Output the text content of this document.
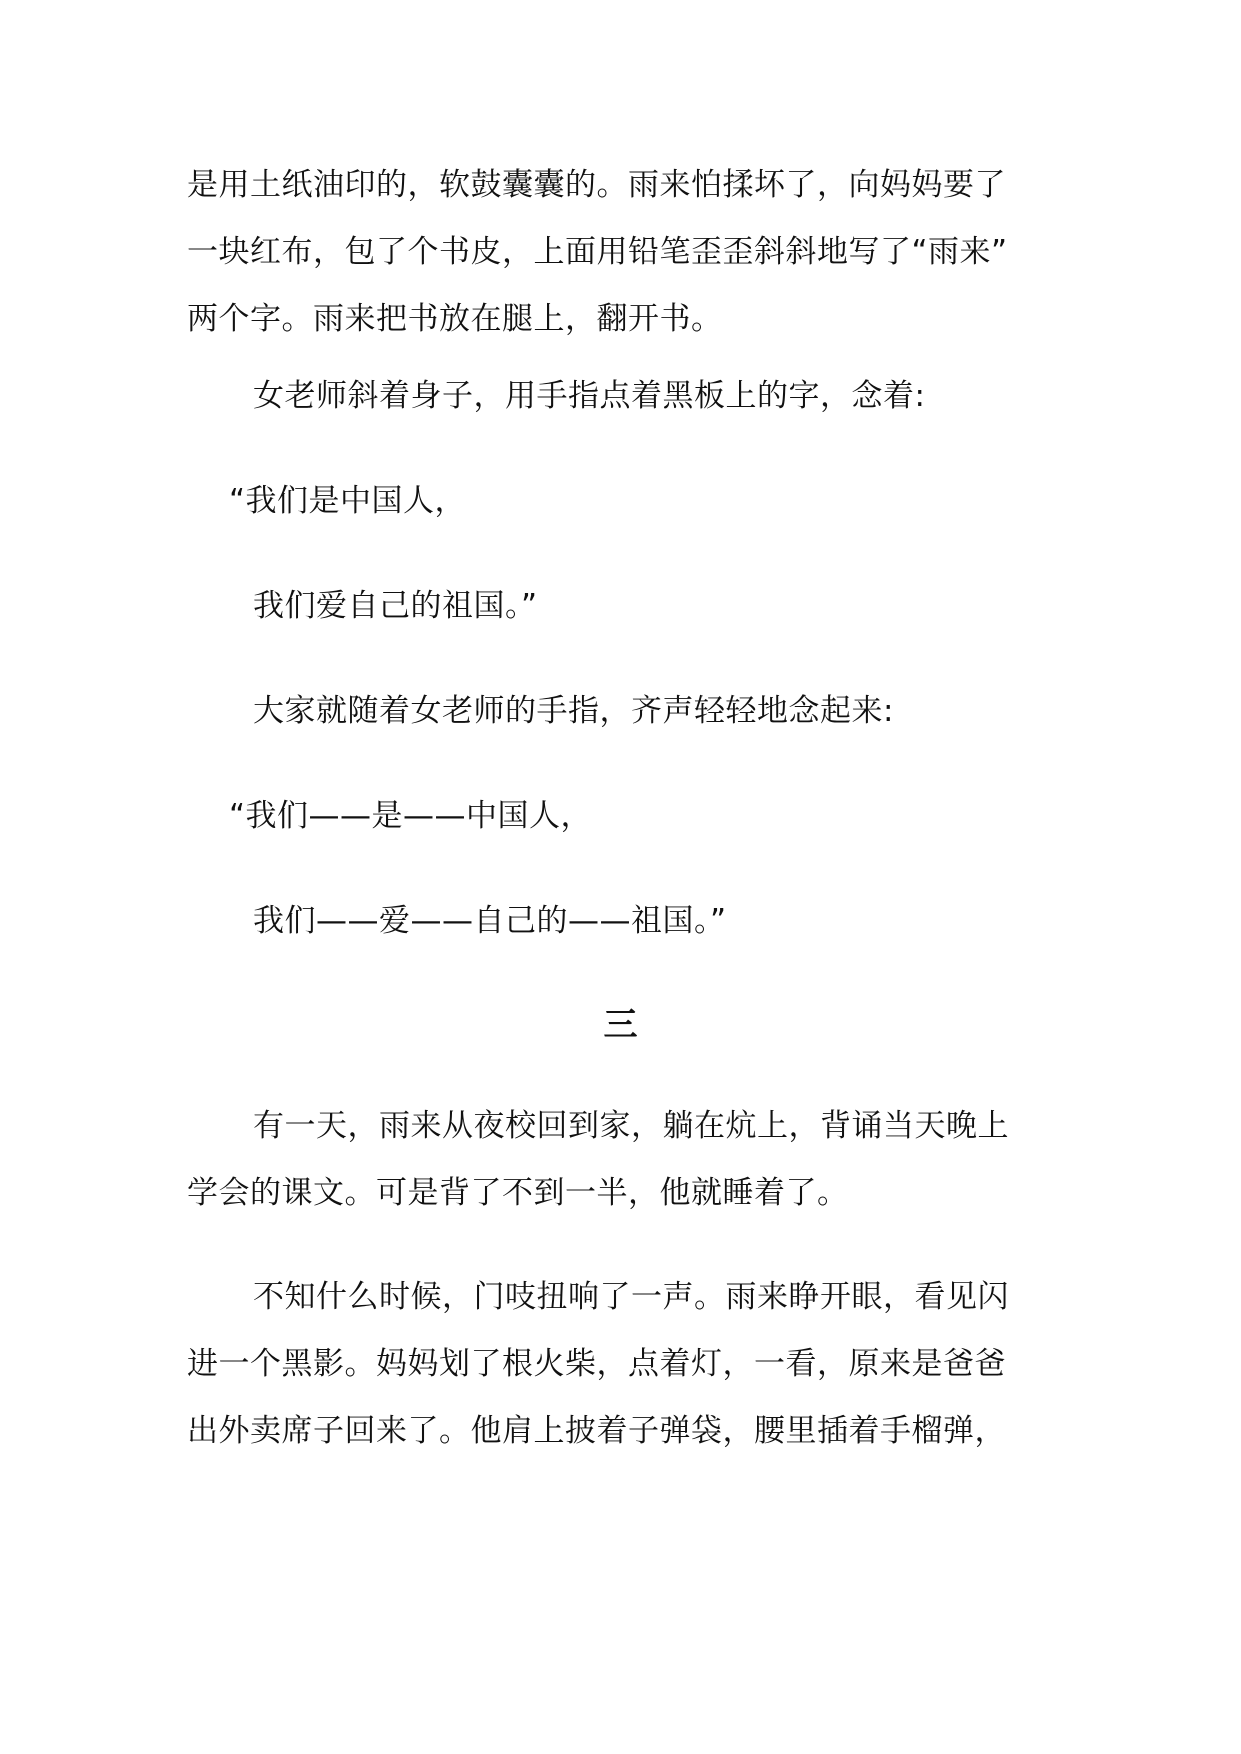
是用土纸油印的，软鼓囊囊的。雨来怕揉坏了，向妈妈要了
一块红布，包了个书皮，上面用铅笔歪歪斜斜地写了“雨来”
两个字。雨来把书放在腿上，翻开书。

女老师斜着身子，用手指点着黑板上的字，念着:

“我们是中国人，

我们爱自己的祖国。”

大家就随着女老师的手指，齐声轻轻地念起来:

“我们——是——中国人，

我们——爱——自己的——祖国。”

三

有一天，雨来从夜校回到家，躺在炕上，背诵当天晚上
学会的课文。可是背了不到一半，他就睡着了。

不知什么时候，门吱扭响了一声。雨来睁开眼，看见闪
进一个黑影。妈妈划了根火柴，点着灯，一看，原来是爸爸
出外卖席子回来了。他肩上披着子弹袋，腰里插着手榴弹，
